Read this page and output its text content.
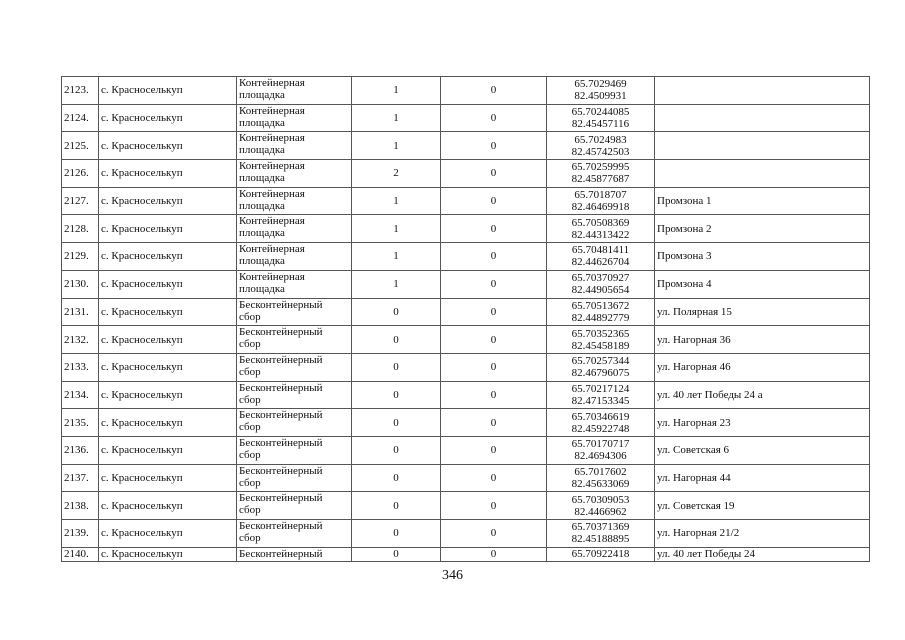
2123.	с. Красноселькуп	Контейнерная
площадка	1	0	65.7029469
82.4509931	

2124.	с. Красноселькуп	Контейнерная
площадка	1	0	65.70244085
82.45457116	

2125.	с. Красноселькуп	Контейнерная
площадка	1	0	65.7024983
82.45742503	

2126.	с. Красноселькуп	Контейнерная
площадка	2	0	65.70259995
82.45877687	

2127.	с. Красноселькуп	Контейнерная
площадка	1	0	65.7018707
82.46469918	Промзона 1

2128.	с. Красноселькуп	Контейнерная
площадка	1	0	65.70508369
82.44313422	Промзона 2

2129.	с. Красноселькуп	Контейнерная
площадка	1	0	65.70481411
82.44626704	Промзона 3

2130.	с. Красноселькуп	Контейнерная
площадка	1	0	65.70370927
82.44905654	Промзона 4

2131.	с. Красноселькуп	Бесконтейнерный
сбор	0	0	65.70513672
82.44892779	ул. Полярная 15

2132.	с. Красноселькуп	Бесконтейнерный
сбор	0	0	65.70352365
82.45458189	ул. Нагорная 36

2133.	с. Красноселькуп	Бесконтейнерный
сбор	0	0	65.70257344
82.46796075	ул. Нагорная 46

2134.	с. Красноселькуп	Бесконтейнерный
сбор	0	0	65.70217124
82.47153345	ул. 40 лет Победы 24 а

2135.	с. Красноселькуп	Бесконтейнерный
сбор	0	0	65.70346619
82.45922748	ул. Нагорная 23

2136.	с. Красноселькуп	Бесконтейнерный
сбор	0	0	65.70170717
82.4694306	ул. Советская 6

2137.	с. Красноселькуп	Бесконтейнерный
сбор	0	0	65.7017602
82.45633069	ул. Нагорная 44

2138.	с. Красноселькуп	Бесконтейнерный
сбор	0	0	65.70309053
82.4466962	ул. Советская 19

2139.	с. Красноселькуп	Бесконтейнерный
сбор	0	0	65.70371369
82.45188895	ул. Нагорная 21/2

2140.	с. Красноселькуп	Бесконтейнерный	0	0	65.70922418	ул. 40 лет Победы 24
346
